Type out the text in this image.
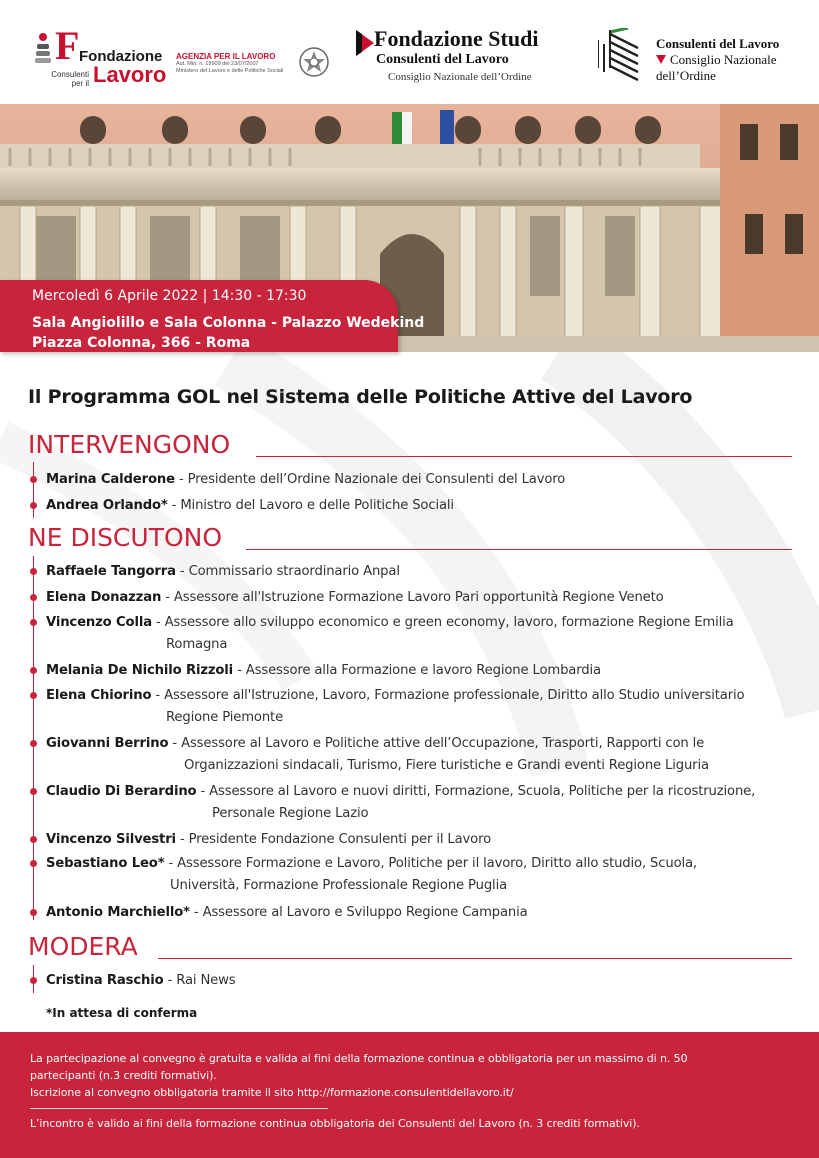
F Fondazione
Lavoro
Consulenti
per il
AGENZIA PER IL LAVORO
Aut. Min. n. 19909 del 23/07/2007
Ministero del Lavoro e delle Politiche Sociali
Fondazione Studi
Consulenti del Lavoro
Consiglio Nazionale dell’Ordine
Consulenti del Lavoro
Consiglio Nazionale
dell’Ordine
Mercoledì 6 Aprile 2022 | 14:30 - 17:30
Sala Angiolillo e Sala Colonna - Palazzo Wedekind
Piazza Colonna, 366 - Roma
Il Programma GOL nel Sistema delle Politiche Attive del Lavoro
INTERVENGONO
Marina Calderone - Presidente dell’Ordine Nazionale dei Consulenti del Lavoro
Andrea Orlando* - Ministro del Lavoro e delle Politiche Sociali
NE DISCUTONO
Raffaele Tangorra - Commissario straordinario Anpal
Elena Donazzan - Assessore all'Istruzione Formazione Lavoro Pari opportunità Regione Veneto
Vincenzo Colla - Assessore allo sviluppo economico e green economy, lavoro, formazione Regione Emilia
Romagna
Melania De Nichilo Rizzoli - Assessore alla Formazione e lavoro Regione Lombardia
Elena Chiorino - Assessore all'Istruzione, Lavoro, Formazione professionale, Diritto allo Studio universitario
Regione Piemonte
Giovanni Berrino - Assessore al Lavoro e Politiche attive dell’Occupazione, Trasporti, Rapporti con le
Organizzazioni sindacali, Turismo, Fiere turistiche e Grandi eventi Regione Liguria
Claudio Di Berardino - Assessore al Lavoro e nuovi diritti, Formazione, Scuola, Politiche per la ricostruzione,
Personale Regione Lazio
Vincenzo Silvestri - Presidente Fondazione Consulenti per il Lavoro
Sebastiano Leo* - Assessore Formazione e Lavoro, Politiche per il lavoro, Diritto allo studio, Scuola,
Università, Formazione Professionale Regione Puglia
Antonio Marchiello* - Assessore al Lavoro e Sviluppo Regione Campania
MODERA
Cristina Raschio - Rai News
*In attesa di conferma
La partecipazione al convegno è gratuita e valida ai fini della formazione continua e obbligatoria per un massimo di n. 50
partecipanti (n.3 crediti formativi).
Iscrizione al convegno obbligatoria tramite il sito http://formazione.consulentidellavoro.it/
L’incontro è valido ai fini della formazione continua obbligatoria dei Consulenti del Lavoro (n. 3 crediti formativi).
